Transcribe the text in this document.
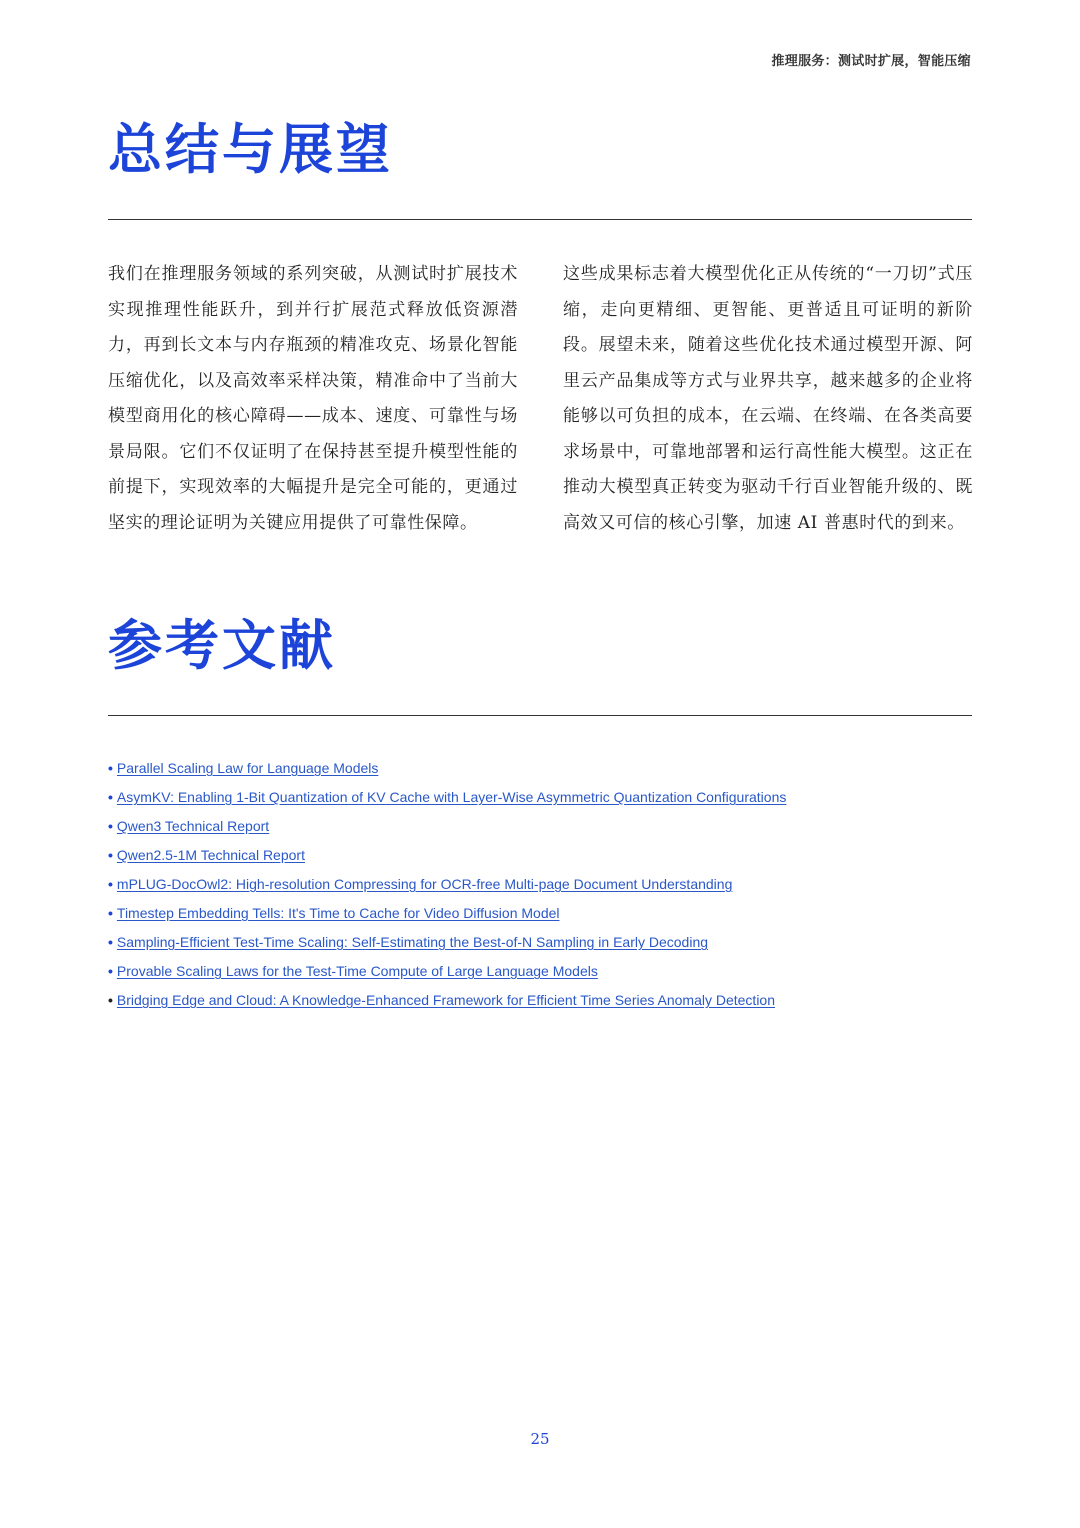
推理服务：测试时扩展，智能压缩
总结与展望

我们在推理服务领域的系列突破，从测试时扩展技术实现推理性能跃升，到并行扩展范式释放低资源潜力，再到长文本与内存瓶颈的精准攻克、场景化智能压缩优化，以及高效率采样决策，精准命中了当前大模型商用化的核心障碍——成本、速度、可靠性与场景局限。它们不仅证明了在保持甚至提升模型性能的前提下，实现效率的大幅提升是完全可能的，更通过坚实的理论证明为关键应用提供了可靠性保障。

这些成果标志着大模型优化正从传统的“一刀切”式压缩，走向更精细、更智能、更普适且可证明的新阶段。展望未来，随着这些优化技术通过模型开源、阿里云产品集成等方式与业界共享，越来越多的企业将能够以可负担的成本，在云端、在终端、在各类高要求场景中，可靠地部署和运行高性能大模型。这正在推动大模型真正转变为驱动千行百业智能升级的、既高效又可信的核心引擎，加速 AI 普惠时代的到来。

参考文献
• Parallel Scaling Law for Language Models
• AsymKV: Enabling 1-Bit Quantization of KV Cache with Layer-Wise Asymmetric Quantization Configurations
• Qwen3 Technical Report
• Qwen2.5-1M Technical Report
• mPLUG-DocOwl2: High-resolution Compressing for OCR-free Multi-page Document Understanding
• Timestep Embedding Tells: It's Time to Cache for Video Diffusion Model
• Sampling-Efficient Test-Time Scaling: Self-Estimating the Best-of-N Sampling in Early Decoding
• Provable Scaling Laws for the Test-Time Compute of Large Language Models
• Bridging Edge and Cloud: A Knowledge-Enhanced Framework for Efficient Time Series Anomaly Detection
25
